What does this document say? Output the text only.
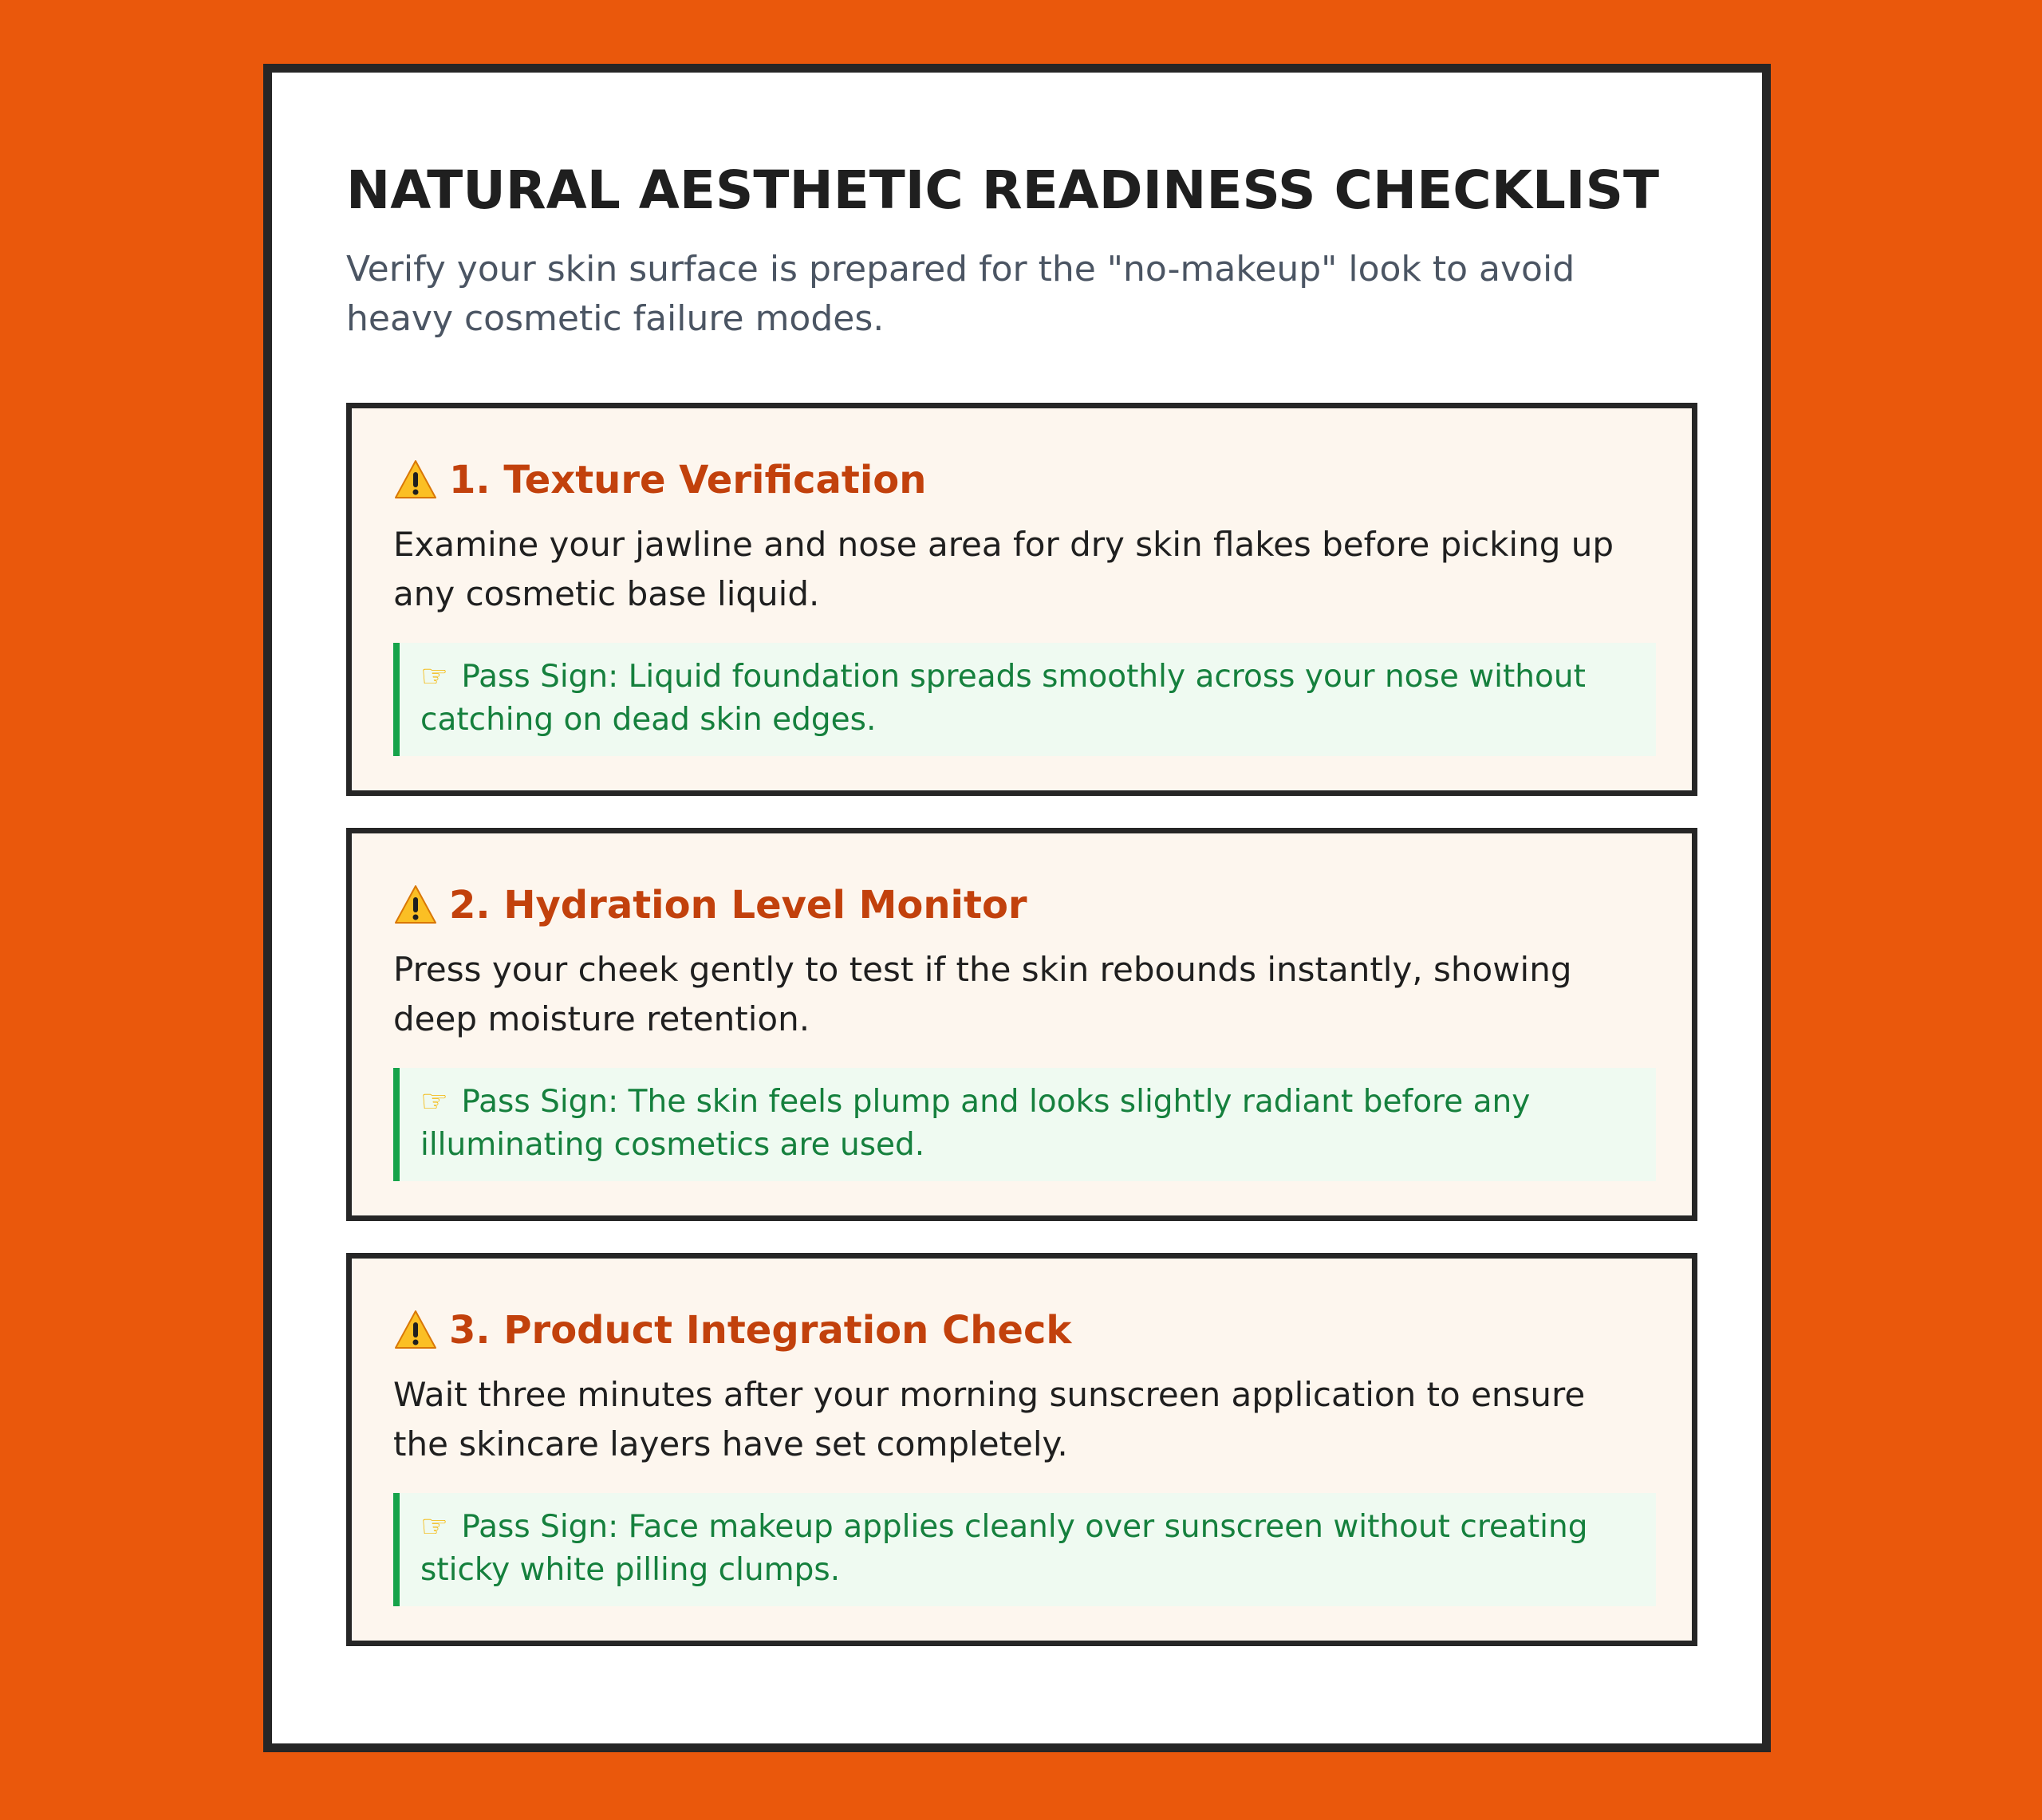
NATURAL AESTHETIC READINESS CHECKLIST

Verify your skin surface is prepared for the "no-makeup" look to avoid heavy cosmetic failure modes.

1. Texture Verification

Examine your jawline and nose area for dry skin flakes before picking up any cosmetic base liquid.

☞ Pass Sign: Liquid foundation spreads smoothly across your nose without catching on dead skin edges.
2. Hydration Level Monitor

Press your cheek gently to test if the skin rebounds instantly, showing deep moisture retention.

☞ Pass Sign: The skin feels plump and looks slightly radiant before any illuminating cosmetics are used.
3. Product Integration Check

Wait three minutes after your morning sunscreen application to ensure the skincare layers have set completely.

☞ Pass Sign: Face makeup applies cleanly over sunscreen without creating sticky white pilling clumps.
